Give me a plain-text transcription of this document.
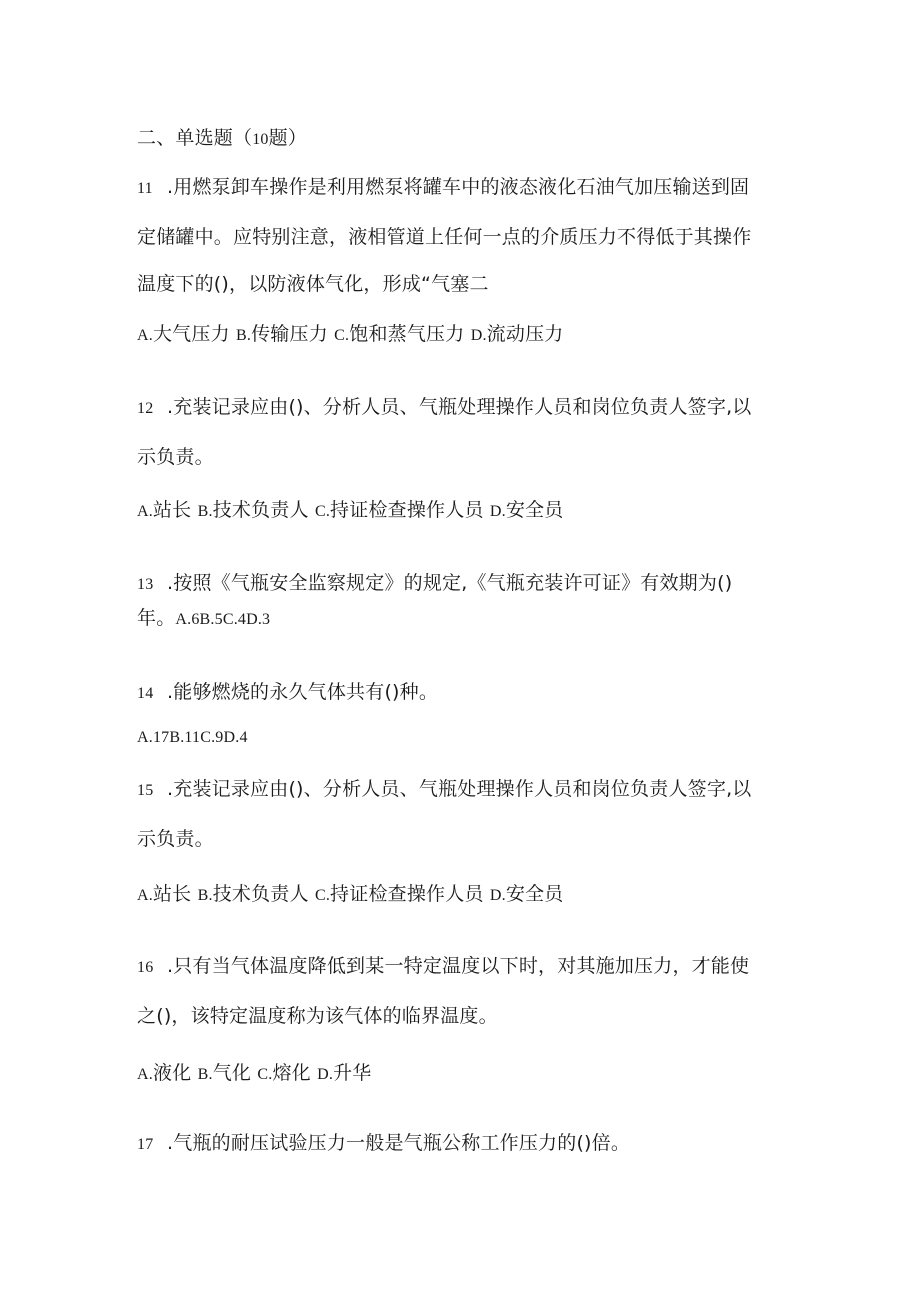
二、单选题（10题）
11 .用燃泵卸车操作是利用燃泵将罐车中的液态液化石油气加压输送到固
定储罐中。应特别注意，液相管道上任何一点的介质压力不得低于其操作
温度下的()，以防液体气化，形成“气塞二
A.大气压力 B.传输压力 C.饱和蒸气压力 D.流动压力
12 .充装记录应由()、分析人员、气瓶处理操作人员和岗位负责人签字,以
示负责。
A.站长 B.技术负责人 C.持证检查操作人员 D.安全员
13 .按照《气瓶安全监察规定》的规定,《气瓶充装许可证》有效期为()
年。A.6B.5C.4D.3
14 .能够燃烧的永久气体共有()种。
A.17B.11C.9D.4
15 .充装记录应由()、分析人员、气瓶处理操作人员和岗位负责人签字,以
示负责。
A.站长 B.技术负责人 C.持证检查操作人员 D.安全员
16 .只有当气体温度降低到某一特定温度以下时，对其施加压力，才能使
之()，该特定温度称为该气体的临界温度。
A.液化 B.气化 C.熔化 D.升华
17 .气瓶的耐压试验压力一般是气瓶公称工作压力的()倍。
